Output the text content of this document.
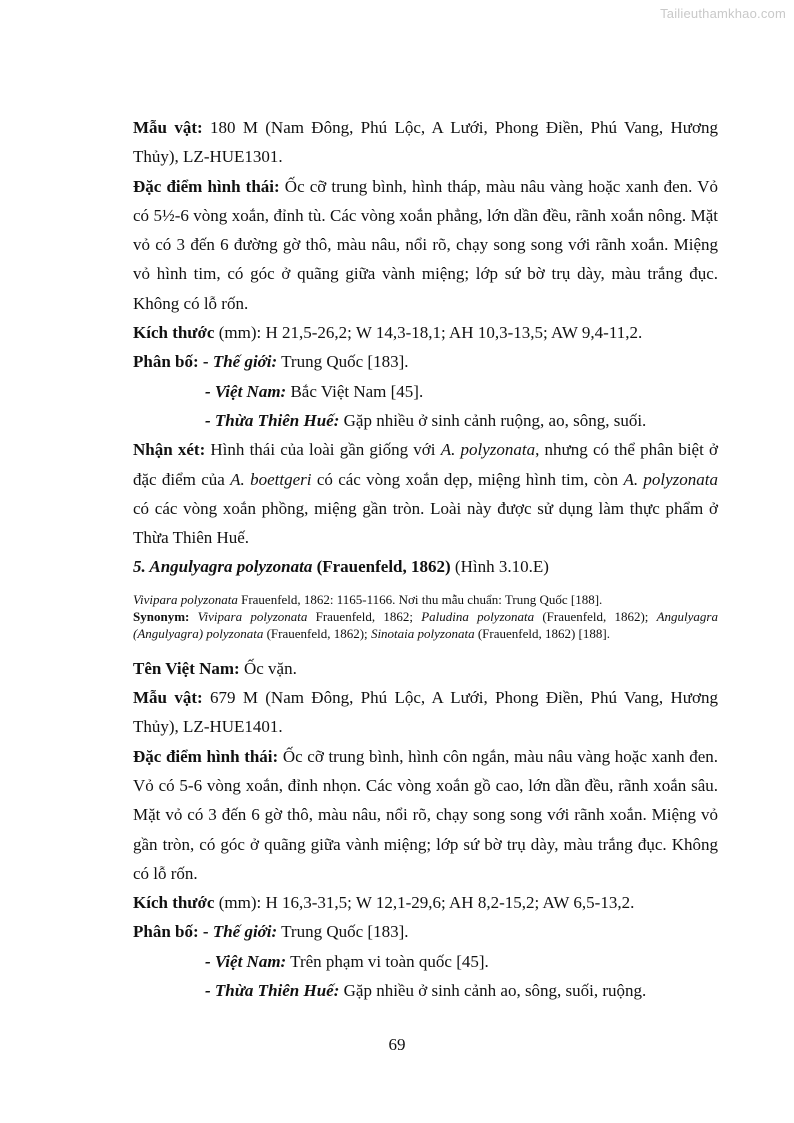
Tailieuthamkhao.com

Mẫu vật: 180 M (Nam Đông, Phú Lộc, A Lưới, Phong Điền, Phú Vang, Hương Thủy), LZ-HUE1301.

Đặc điểm hình thái: Ốc cỡ trung bình, hình tháp, màu nâu vàng hoặc xanh đen. Vỏ có 5½-6 vòng xoắn, đỉnh tù. Các vòng xoắn phẳng, lớn dần đều, rãnh xoắn nông. Mặt vỏ có 3 đến 6 đường gờ thô, màu nâu, nổi rõ, chạy song song với rãnh xoắn. Miệng vỏ hình tim, có góc ở quãng giữa vành miệng; lớp sứ bờ trụ dày, màu trắng đục. Không có lỗ rốn.

Kích thước (mm): H 21,5-26,2; W 14,3-18,1; AH 10,3-13,5; AW 9,4-11,2.

Phân bố: - Thế giới: Trung Quốc [183].

- Việt Nam: Bắc Việt Nam [45].

- Thừa Thiên Huế: Gặp nhiều ở sinh cảnh ruộng, ao, sông, suối.

Nhận xét: Hình thái của loài gần giống với A. polyzonata, nhưng có thể phân biệt ở đặc điểm của A. boettgeri có các vòng xoắn dẹp, miệng hình tim, còn A. polyzonata có các vòng xoắn phồng, miệng gần tròn. Loài này được sử dụng làm thực phẩm ở Thừa Thiên Huế.

5. Angulyagra polyzonata (Frauenfeld, 1862) (Hình 3.10.E)

Vivipara polyzonata Frauenfeld, 1862: 1165-1166. Nơi thu mẫu chuẩn: Trung Quốc [188].

Synonym: Vivipara polyzonata Frauenfeld, 1862; Paludina polyzonata (Frauenfeld, 1862); Angulyagra (Angulyagra) polyzonata (Frauenfeld, 1862); Sinotaia polyzonata (Frauenfeld, 1862) [188].

Tên Việt Nam: Ốc vặn.

Mẫu vật: 679 M (Nam Đông, Phú Lộc, A Lưới, Phong Điền, Phú Vang, Hương Thủy), LZ-HUE1401.

Đặc điểm hình thái: Ốc cỡ trung bình, hình côn ngắn, màu nâu vàng hoặc xanh đen. Vỏ có 5-6 vòng xoắn, đỉnh nhọn. Các vòng xoắn gồ cao, lớn dần đều, rãnh xoắn sâu. Mặt vỏ có 3 đến 6 gờ thô, màu nâu, nổi rõ, chạy song song với rãnh xoắn. Miệng vỏ gần tròn, có góc ở quãng giữa vành miệng; lớp sứ bờ trụ dày, màu trắng đục. Không có lỗ rốn.

Kích thước (mm): H 16,3-31,5; W 12,1-29,6; AH 8,2-15,2; AW 6,5-13,2.

Phân bố: - Thế giới: Trung Quốc [183].

- Việt Nam: Trên phạm vi toàn quốc [45].

- Thừa Thiên Huế: Gặp nhiều ở sinh cảnh ao, sông, suối, ruộng.

69
